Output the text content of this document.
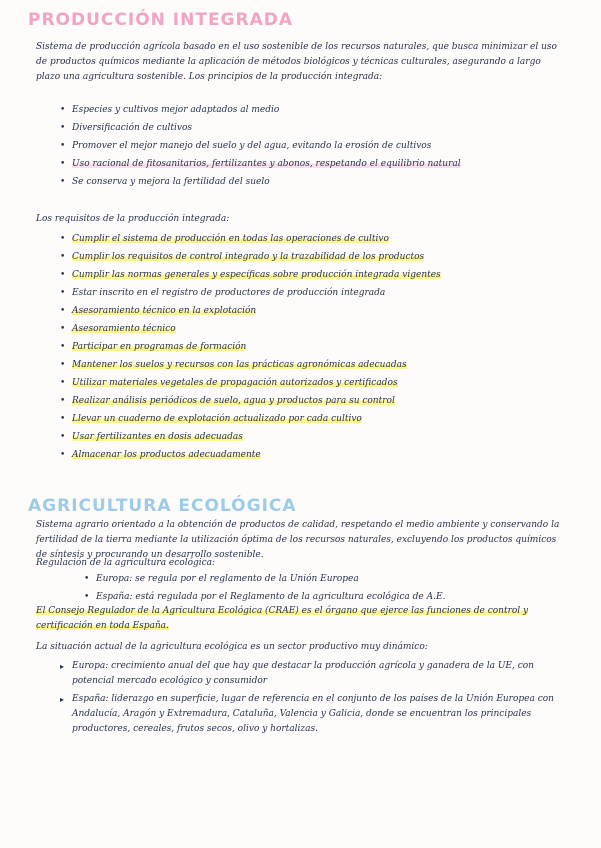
PRODUCCIÓN INTEGRADA

Sistema de producción agrícola basado en el uso sostenible de los recursos naturales, que busca minimizar el uso de productos químicos mediante la aplicación de métodos biológicos y técnicas culturales, asegurando a largo plazo una agricultura sostenible. Los principios de la producción integrada:

• Especies y cultivos mejor adaptados al medio
• Diversificación de cultivos
• Promover el mejor manejo del suelo y del agua, evitando la erosión de cultivos
• Uso racional de fitosanitarios, fertilizantes y abonos, respetando el equilibrio natural
• Se conserva y mejora la fertilidad del suelo

Los requisitos de la producción integrada:

• Cumplir el sistema de producción en todas las operaciones de cultivo
• Cumplir los requisitos de control integrado y la trazabilidad de los productos
• Cumplir las normas generales y específicas sobre producción integrada vigentes
• Estar inscrito en el registro de productores de producción integrada
• Asesoramiento técnico en la explotación
• Asesoramiento técnico
• Participar en programas de formación
• Mantener los suelos y recursos con las prácticas agronómicas adecuadas
• Utilizar materiales vegetales de propagación autorizados y certificados
• Realizar análisis periódicos de suelo, agua y productos para su control
• Llevar un cuaderno de explotación actualizado por cada cultivo
• Usar fertilizantes en dosis adecuadas
• Almacenar los productos adecuadamente
AGRICULTURA ECOLÓGICA

Sistema agrario orientado a la obtención de productos de calidad, respetando el medio ambiente y conservando la fertilidad de la tierra mediante la utilización óptima de los recursos naturales, excluyendo los productos químicos de síntesis y procurando un desarrollo sostenible.

Regulación de la agricultura ecológica:

• Europa: se regula por el reglamento de la Unión Europea
• España: está regulada por el Reglamento de la agricultura ecológica de A.E.

El Consejo Regulador de la Agricultura Ecológica (CRAE) es el órgano que ejerce las funciones de control y certificación en toda España.

La situación actual de la agricultura ecológica es un sector productivo muy dinámico:

▸ Europa: crecimiento anual del que hay que destacar la producción agrícola y ganadera de la UE, con potencial mercado ecológico y consumidor
▸ España: liderazgo en superficie, lugar de referencia en el conjunto de los países de la Unión Europea con Andalucía, Aragón y Extremadura, Cataluña, Valencia y Galicia, donde se encuentran los principales productores, cereales, frutos secos, olivo y hortalizas.
